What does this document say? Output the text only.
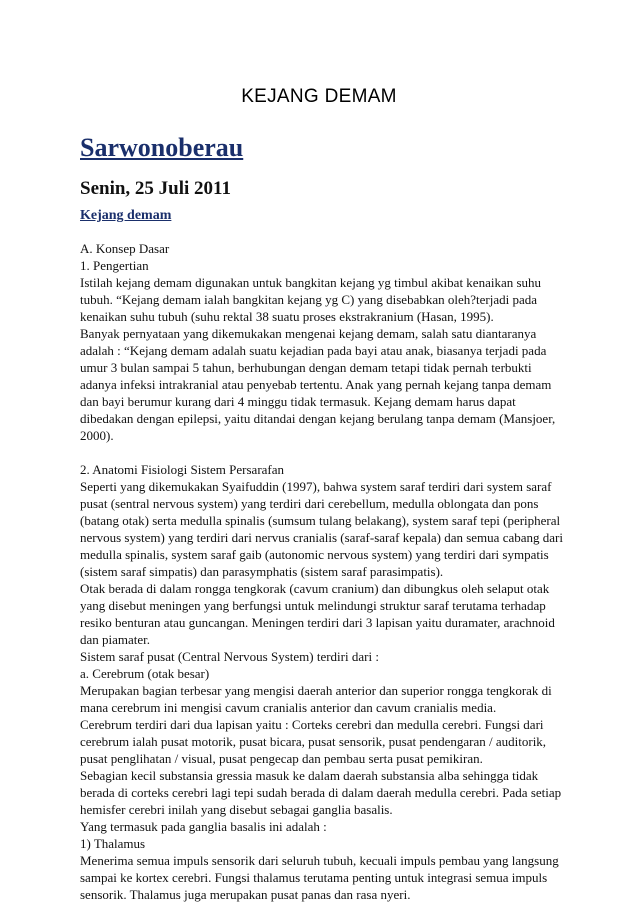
KEJANG DEMAM
Sarwonoberau
Senin, 25 Juli 2011
Kejang demam
A. Konsep Dasar
1. Pengertian
Istilah kejang demam digunakan untuk bangkitan kejang yg timbul akibat kenaikan suhu
tubuh. “Kejang demam ialah bangkitan kejang yg C) yang disebabkan oleh?terjadi pada
kenaikan suhu tubuh (suhu rektal 38 suatu proses ekstrakranium (Hasan, 1995).
Banyak pernyataan yang dikemukakan mengenai kejang demam, salah satu diantaranya
adalah : “Kejang demam adalah suatu kejadian pada bayi atau anak, biasanya terjadi pada
umur 3 bulan sampai 5 tahun, berhubungan dengan demam tetapi tidak pernah terbukti
adanya infeksi intrakranial atau penyebab tertentu. Anak yang pernah kejang tanpa demam
dan bayi berumur kurang dari 4 minggu tidak termasuk. Kejang demam harus dapat
dibedakan dengan epilepsi, yaitu ditandai dengan kejang berulang tanpa demam (Mansjoer,
2000).
2. Anatomi Fisiologi Sistem Persarafan
Seperti yang dikemukakan Syaifuddin (1997), bahwa system saraf terdiri dari system saraf
pusat (sentral nervous system) yang terdiri dari cerebellum, medulla oblongata dan pons
(batang otak) serta medulla spinalis (sumsum tulang belakang), system saraf tepi (peripheral
nervous system) yang terdiri dari nervus cranialis (saraf-saraf kepala) dan semua cabang dari
medulla spinalis, system saraf gaib (autonomic nervous system) yang terdiri dari sympatis
(sistem saraf simpatis) dan parasymphatis (sistem saraf parasimpatis).
Otak berada di dalam rongga tengkorak (cavum cranium) dan dibungkus oleh selaput otak
yang disebut meningen yang berfungsi untuk melindungi struktur saraf terutama terhadap
resiko benturan atau guncangan. Meningen terdiri dari 3 lapisan yaitu duramater, arachnoid
dan piamater.
Sistem saraf pusat (Central Nervous System) terdiri dari :
a. Cerebrum (otak besar)
Merupakan bagian terbesar yang mengisi daerah anterior dan superior rongga tengkorak di
mana cerebrum ini mengisi cavum cranialis anterior dan cavum cranialis media.
Cerebrum terdiri dari dua lapisan yaitu : Corteks cerebri dan medulla cerebri. Fungsi dari
cerebrum ialah pusat motorik, pusat bicara, pusat sensorik, pusat pendengaran / auditorik,
pusat penglihatan / visual, pusat pengecap dan pembau serta pusat pemikiran.
Sebagian kecil substansia gressia masuk ke dalam daerah substansia alba sehingga tidak
berada di corteks cerebri lagi tepi sudah berada di dalam daerah medulla cerebri. Pada setiap
hemisfer cerebri inilah yang disebut sebagai ganglia basalis.
Yang termasuk pada ganglia basalis ini adalah :
1) Thalamus
Menerima semua impuls sensorik dari seluruh tubuh, kecuali impuls pembau yang langsung
sampai ke kortex cerebri. Fungsi thalamus terutama penting untuk integrasi semua impuls
sensorik. Thalamus juga merupakan pusat panas dan rasa nyeri.
